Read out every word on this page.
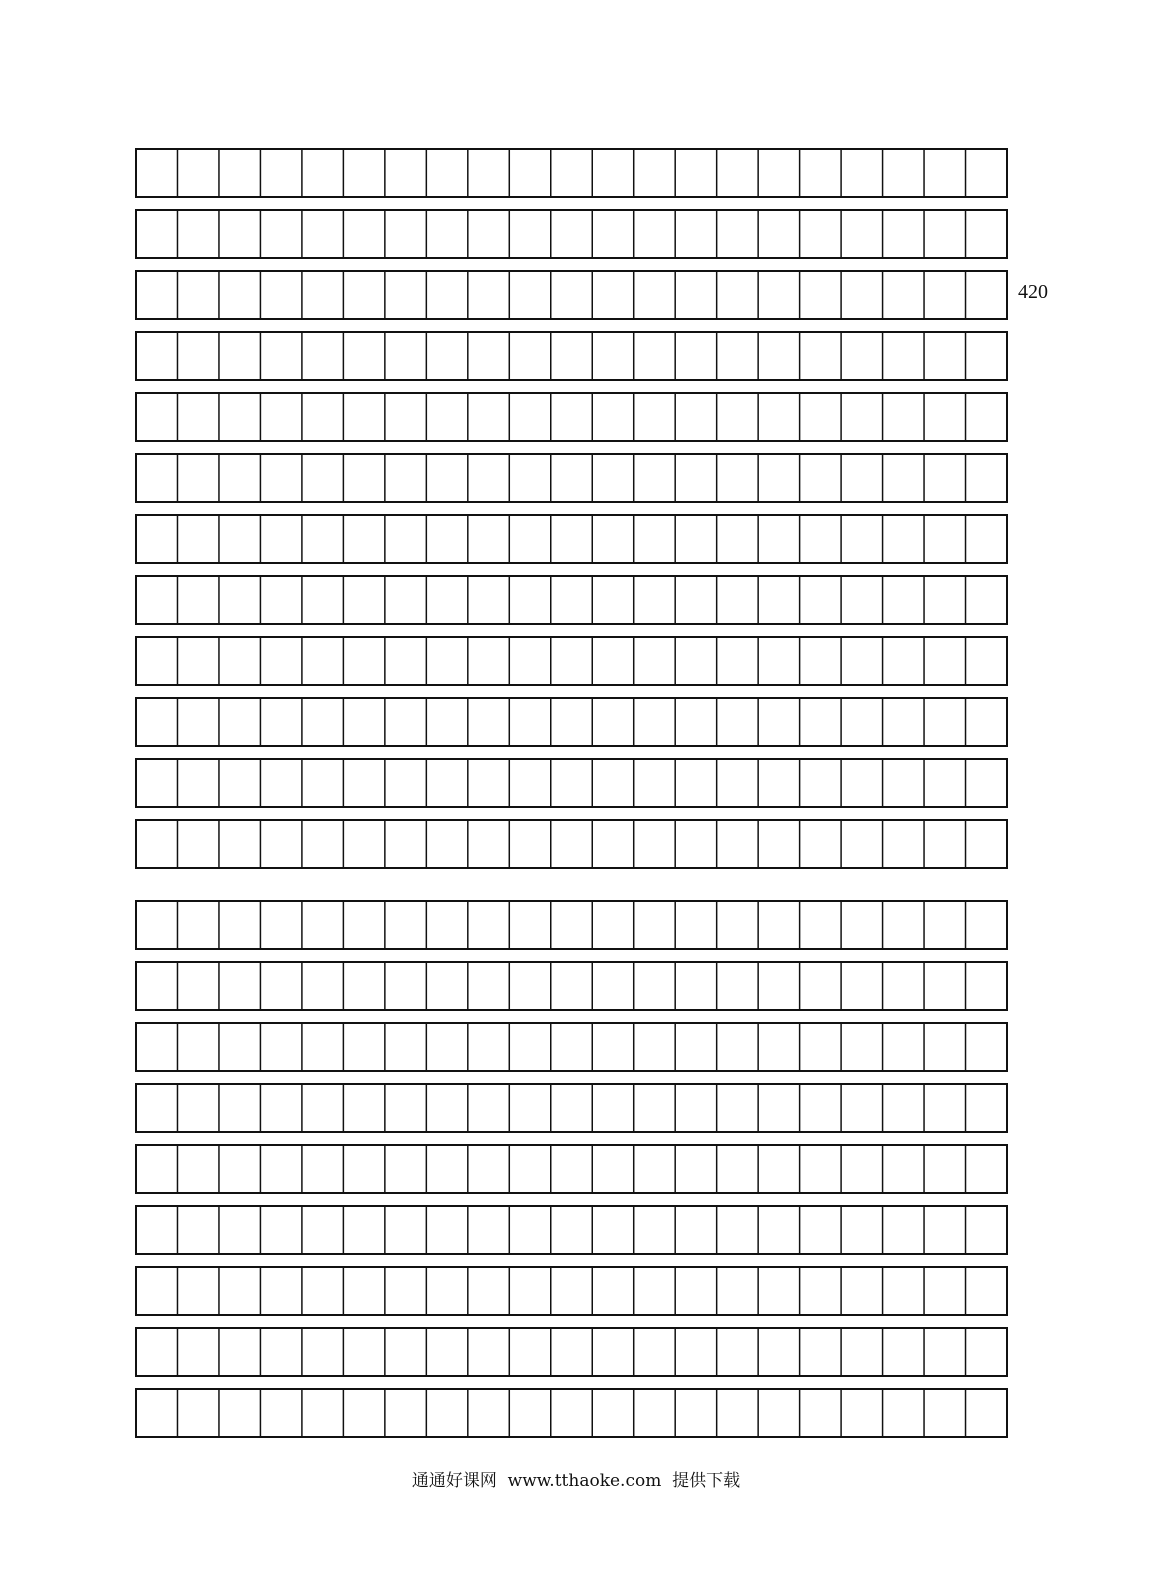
420
通通好课网  www.tthaoke.com  提供下载
